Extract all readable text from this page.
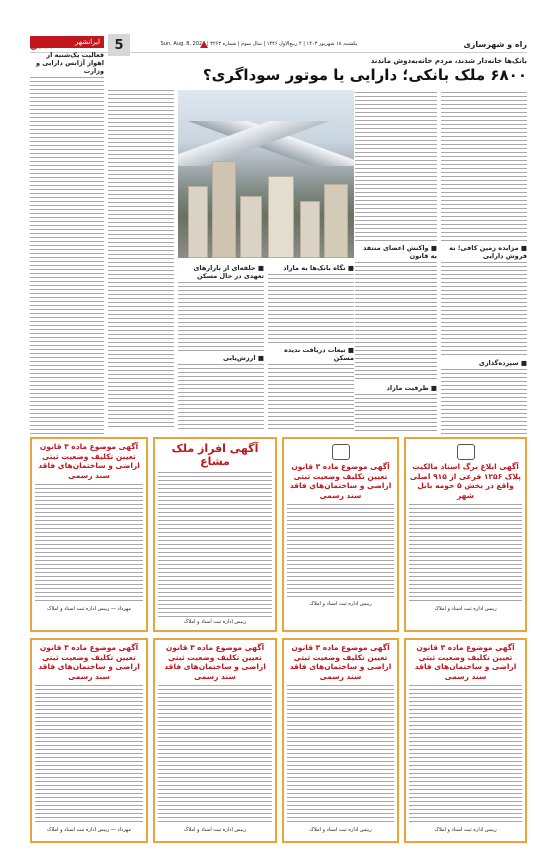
راه و شهرسازی
یکشنبه ۱۸ شهریور ۱۴۰۳ | ۴ ربیع‌الاول ۱۴۴۶ | سال سوم | شماره ۳۲۶۳ | Sun. Aug. 8, 2024
5
ایرانشهر
فعالیت یک‌شنبه از اهواز آژانس دارایی و وزارت
بانک‌ها خانه‌دار شدند، مردم خانه‌به‌دوش ماندند
۶۸۰۰ ملک بانکی؛ دارایی یا موتور سوداگری؟
■ مزایده زمین کافی؛ نه فروش دارایی
■ سپرده‌گذاری
■ واکنش اعضای منتقد به قانون
■ ظرفیت مازاد
■ نگاه بانک‌ها به مازاد
■ تبعات دریافت ندیده مسکن
■ حلقه‌ای از بازارهای تعهدی در حال مسکن
■ ارزش‌یابی
آگهی موضوع ماده ۳ قانون تعیین تکلیف وضعیت ثبتی اراضی و ساختمان‌های فاقد سند رسمی
مهرداد — رییس اداره ثبت اسناد و املاک
آگهی افراز ملک مشاع
رییس اداره ثبت اسناد و املاک
آگهی موضوع ماده ۳ قانون تعیین تکلیف وضعیت ثبتی اراضی و ساختمان‌های فاقد سند رسمی
رییس اداره ثبت اسناد و املاک
آگهی ابلاغ برگ اسناد مالکیت پلاک ۱۲۵۶ فرعی از ۹۱۵ اصلی واقع در بخش ۵ حومه بابل شهر
رییس اداره ثبت اسناد و املاک
آگهی موضوع ماده ۳ قانون تعیین تکلیف وضعیت ثبتی اراضی و ساختمان‌های فاقد سند رسمی
مهرداد — رییس اداره ثبت اسناد و املاک
آگهی موضوع ماده ۳ قانون تعیین تکلیف وضعیت ثبتی اراضی و ساختمان‌های فاقد سند رسمی
رییس اداره ثبت اسناد و املاک
آگهی موضوع ماده ۳ قانون تعیین تکلیف وضعیت ثبتی اراضی و ساختمان‌های فاقد سند رسمی
رییس اداره ثبت اسناد و املاک
آگهی موضوع ماده ۳ قانون تعیین تکلیف وضعیت ثبتی اراضی و ساختمان‌های فاقد سند رسمی
رییس اداره ثبت اسناد و املاک
